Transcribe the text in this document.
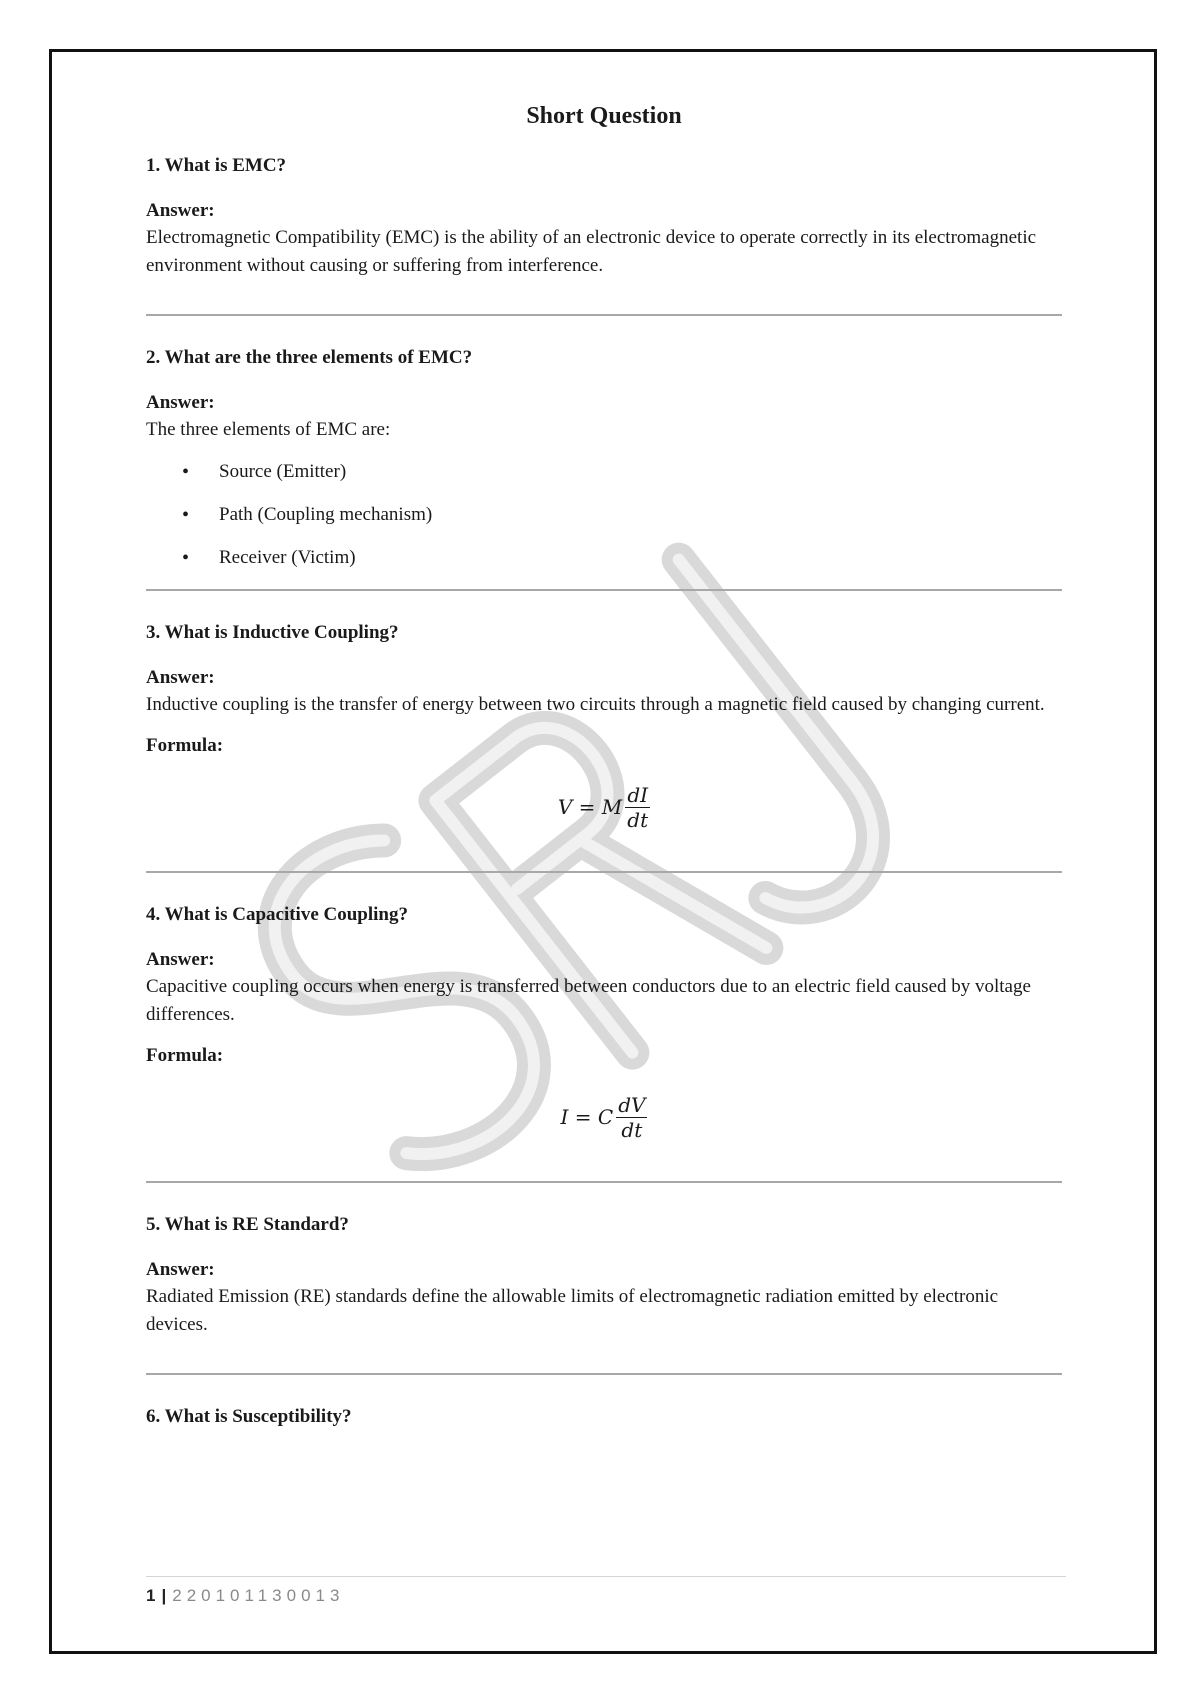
Short Question

1. What is EMC?

Answer:

Electromagnetic Compatibility (EMC) is the ability of an electronic device to operate correctly in its electromagnetic environment without causing or suffering from interference.

2. What are the three elements of EMC?

Answer:

The three elements of EMC are:

• Source (Emitter)
• Path (Coupling mechanism)
• Receiver (Victim)

3. What is Inductive Coupling?

Answer:

Inductive coupling is the transfer of energy between two circuits through a magnetic field caused by changing current.

Formula:

V = M $\frac{dI}{dt}$

4. What is Capacitive Coupling?

Answer:

Capacitive coupling occurs when energy is transferred between conductors due to an electric field caused by voltage differences.

Formula:

I = C $\frac{dV}{dt}$

5. What is RE Standard?

Answer:

Radiated Emission (RE) standards define the allowable limits of electromagnetic radiation emitted by electronic devices.

6. What is Susceptibility?

1 | 220101130013
